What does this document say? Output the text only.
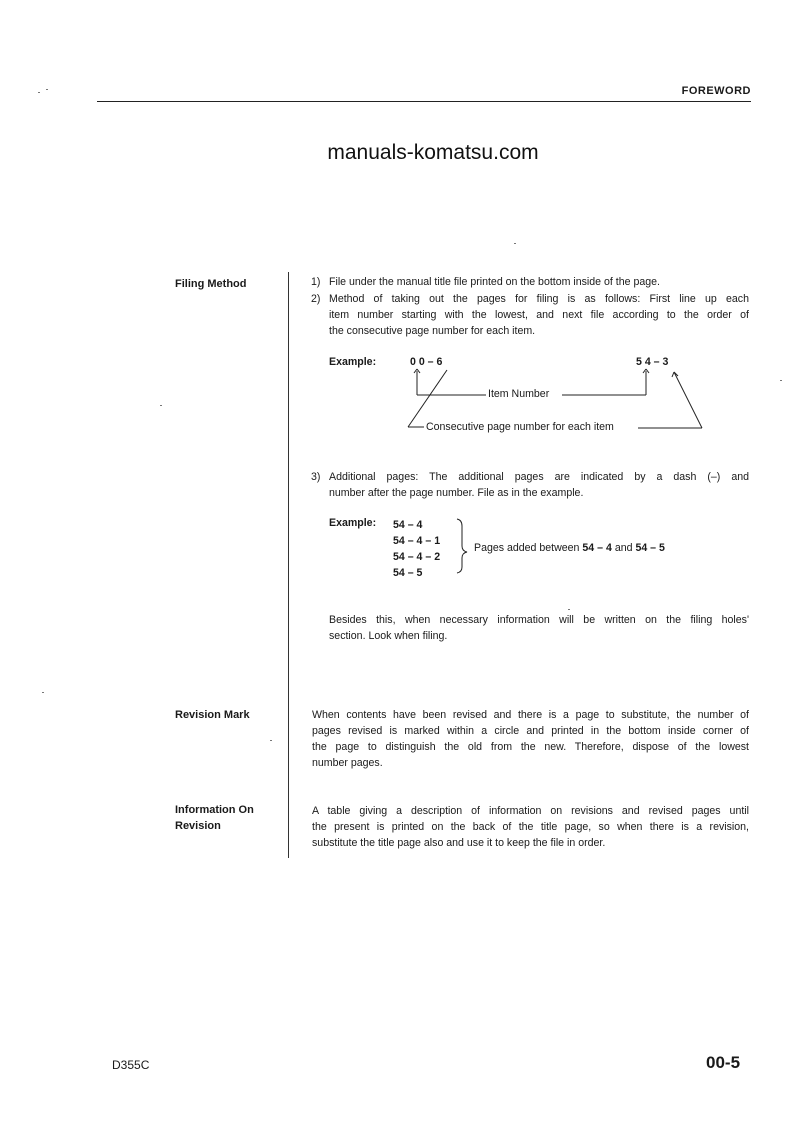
FOREWORD
manuals-komatsu.com
Filing Method	1) File under the manual title file printed on the bottom inside of the page.
2) Method of taking out the pages for filing is as follows: First line up each
item number starting with the lowest, and next file according to the order of
the consecutive page number for each item.
Example:	0 0 – 6	5 4 – 3
Item Number
Consecutive page number for each item
3) Additional pages: The additional pages are indicated by a dash (–) and
number after the page number. File as in the example.
Example: 54 – 4
54 – 4 – 1
54 – 4 – 2
54 – 5
Pages added between 54 – 4 and 54 – 5
Besides this, when necessary information will be written on the filing holes'
section. Look when filing.
Revision Mark	When contents have been revised and there is a page to substitute, the number of
pages revised is marked within a circle and printed in the bottom inside corner of
the page to distinguish the old from the new. Therefore, dispose of the lowest
number pages.
Information On
Revision
A table giving a description of information on revisions and revised pages until
the present is printed on the back of the title page, so when there is a revision,
substitute the title page also and use it to keep the file in order.
D355C	00-5
